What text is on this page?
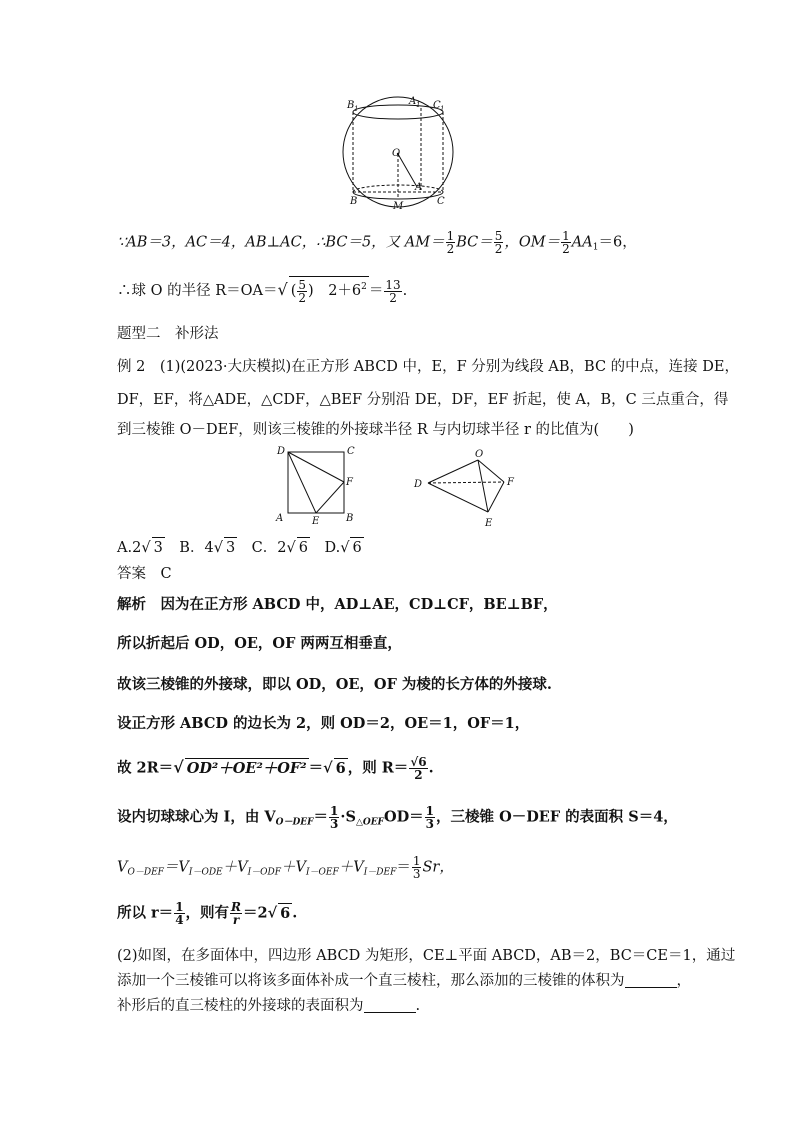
B 1
A 1 C 1
O
A
B	M	C
∵AB＝3，AC＝4，AB⊥AC，∴BC＝5，又 $AM= \frac{1}{2} BC= \frac{5}{2}$ ，$OM= \frac{1}{2} AA_1=6$，
∴球 O 的半径 R＝OA＝√ ( $\frac{5}{2}$ ) $2+6^2 = \frac{13}{2}$ .
题型二　补形法
例 2　(1)(2023·大庆模拟)在正方形 ABCD 中，E，F 分别为线段 AB，BC 的中点，连接 DE，
DF，EF，将△ADE，△CDF，△BEF 分别沿 DE，DF，EF 折起，使 A，B，C 三点重合，得
到三棱锥 O－DEF，则该三棱锥的外接球半径 R 与内切球半径 r 的比值为(　　)
D	C
F
A	E	B
O
D	F
E
A.2√ 3　B．4√ 3　C．2√ 6　D.√ 6
答案　C
解析　因为在正方形 ABCD 中，AD⊥AE，CD⊥CF，BE⊥BF，
所以折起后 OD，OE，OF 两两互相垂直，
故该三棱锥的外接球，即以 OD，OE，OF 为棱的长方体的外接球.
设正方形 ABCD 的边长为 2，则 OD＝2，OE＝1，OF＝1，
故 2R＝√ OD²＋OE²＋OF² ＝√ 6 ，则 $R= \frac{√6}{2}$ .
设内切球球心为 I，由 $V_{O-DEF}= \frac{1}{3} \cdot S_{\triangle OEF}OD= \frac{1}{3}$ ，三棱锥 O－DEF 的表面积 S＝4，
$V_{O-DEF}=V_{I-ODE}+V_{I-ODF}+V_{I-OEF}+V_{I-DEF}= \frac{1}{3}$ Sr，
所以 $r= \frac{1}{4}$ ，则有 $\frac{R}{r} =2√$ 6 .
(2)如图，在多面体中，四边形 ABCD 为矩形，CE⊥平面 ABCD，AB＝2，BC＝CE＝1，通过
添加一个三棱锥可以将该多面体补成一个直三棱柱，那么添加的三棱锥的体积为	，
补形后的直三棱柱的外接球的表面积为	.
